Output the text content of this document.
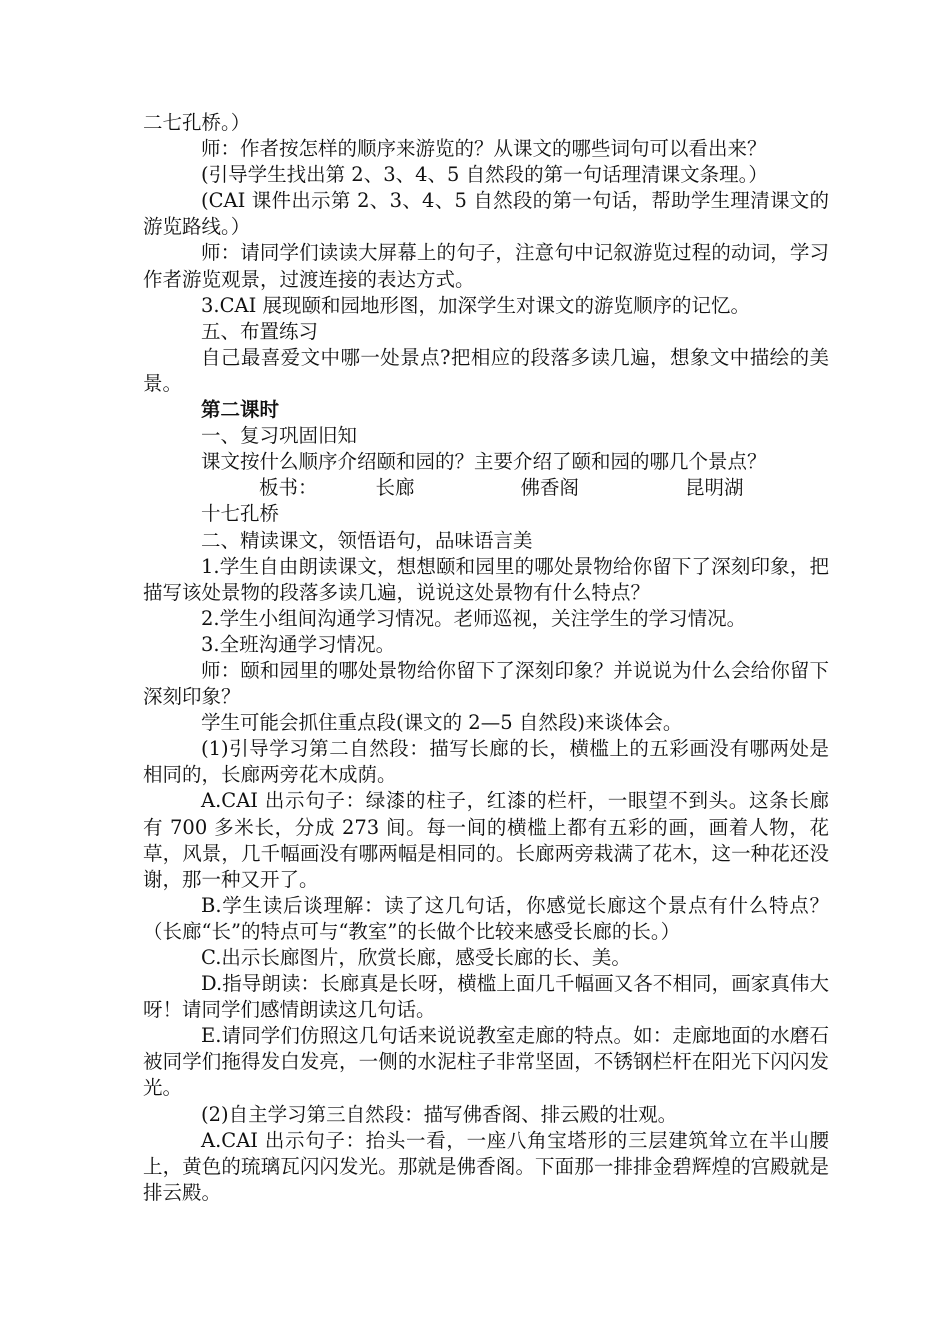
二七孔桥。）

师：作者按怎样的顺序来游览的？从课文的哪些词句可以看出来？

(引导学生找出第 2、3、4、5 自然段的第一句话理清课文条理。）

(CAI 课件出示第 2、3、4、5 自然段的第一句话，帮助学生理清课文的游览路线。）

师：请同学们读读大屏幕上的句子，注意句中记叙游览过程的动词，学习作者游览观景，过渡连接的表达方式。

3.CAI 展现颐和园地形图，加深学生对课文的游览顺序的记忆。

五、布置练习

自己最喜爱文中哪一处景点?把相应的段落多读几遍，想象文中描绘的美景。

第二课时

一、复习巩固旧知

课文按什么顺序介绍颐和园的？主要介绍了颐和园的哪几个景点？

板书：	长廊	佛香阁	昆明湖十七孔桥

二、精读课文，领悟语句，品味语言美

1.学生自由朗读课文，想想颐和园里的哪处景物给你留下了深刻印象，把描写该处景物的段落多读几遍，说说这处景物有什么特点？

2.学生小组间沟通学习情况。老师巡视，关注学生的学习情况。

3.全班沟通学习情况。

师：颐和园里的哪处景物给你留下了深刻印象？并说说为什么会给你留下深刻印象？

学生可能会抓住重点段(课文的 2—5 自然段)来谈体会。

(1)引导学习第二自然段：描写长廊的长，横槛上的五彩画没有哪两处是相同的，长廊两旁花木成荫。

A.CAI 出示句子：绿漆的柱子，红漆的栏杆，一眼望不到头。这条长廊有 700 多米长，分成 273 间。每一间的横槛上都有五彩的画，画着人物，花草，风景，几千幅画没有哪两幅是相同的。长廊两旁栽满了花木，这一种花还没谢，那一种又开了。

B.学生读后谈理解：读了这几句话，你感觉长廊这个景点有什么特点？（长廊“长”的特点可与“教室”的长做个比较来感受长廊的长。）

C.出示长廊图片，欣赏长廊，感受长廊的长、美。

D.指导朗读：长廊真是长呀，横槛上面几千幅画又各不相同，画家真伟大呀！请同学们感情朗读这几句话。

E.请同学们仿照这几句话来说说教室走廊的特点。如：走廊地面的水磨石被同学们拖得发白发亮，一侧的水泥柱子非常坚固，不锈钢栏杆在阳光下闪闪发光。

(2)自主学习第三自然段：描写佛香阁、排云殿的壮观。

A.CAI 出示句子：抬头一看，一座八角宝塔形的三层建筑耸立在半山腰上，黄色的琉璃瓦闪闪发光。那就是佛香阁。下面那一排排金碧辉煌的宫殿就是排云殿。
